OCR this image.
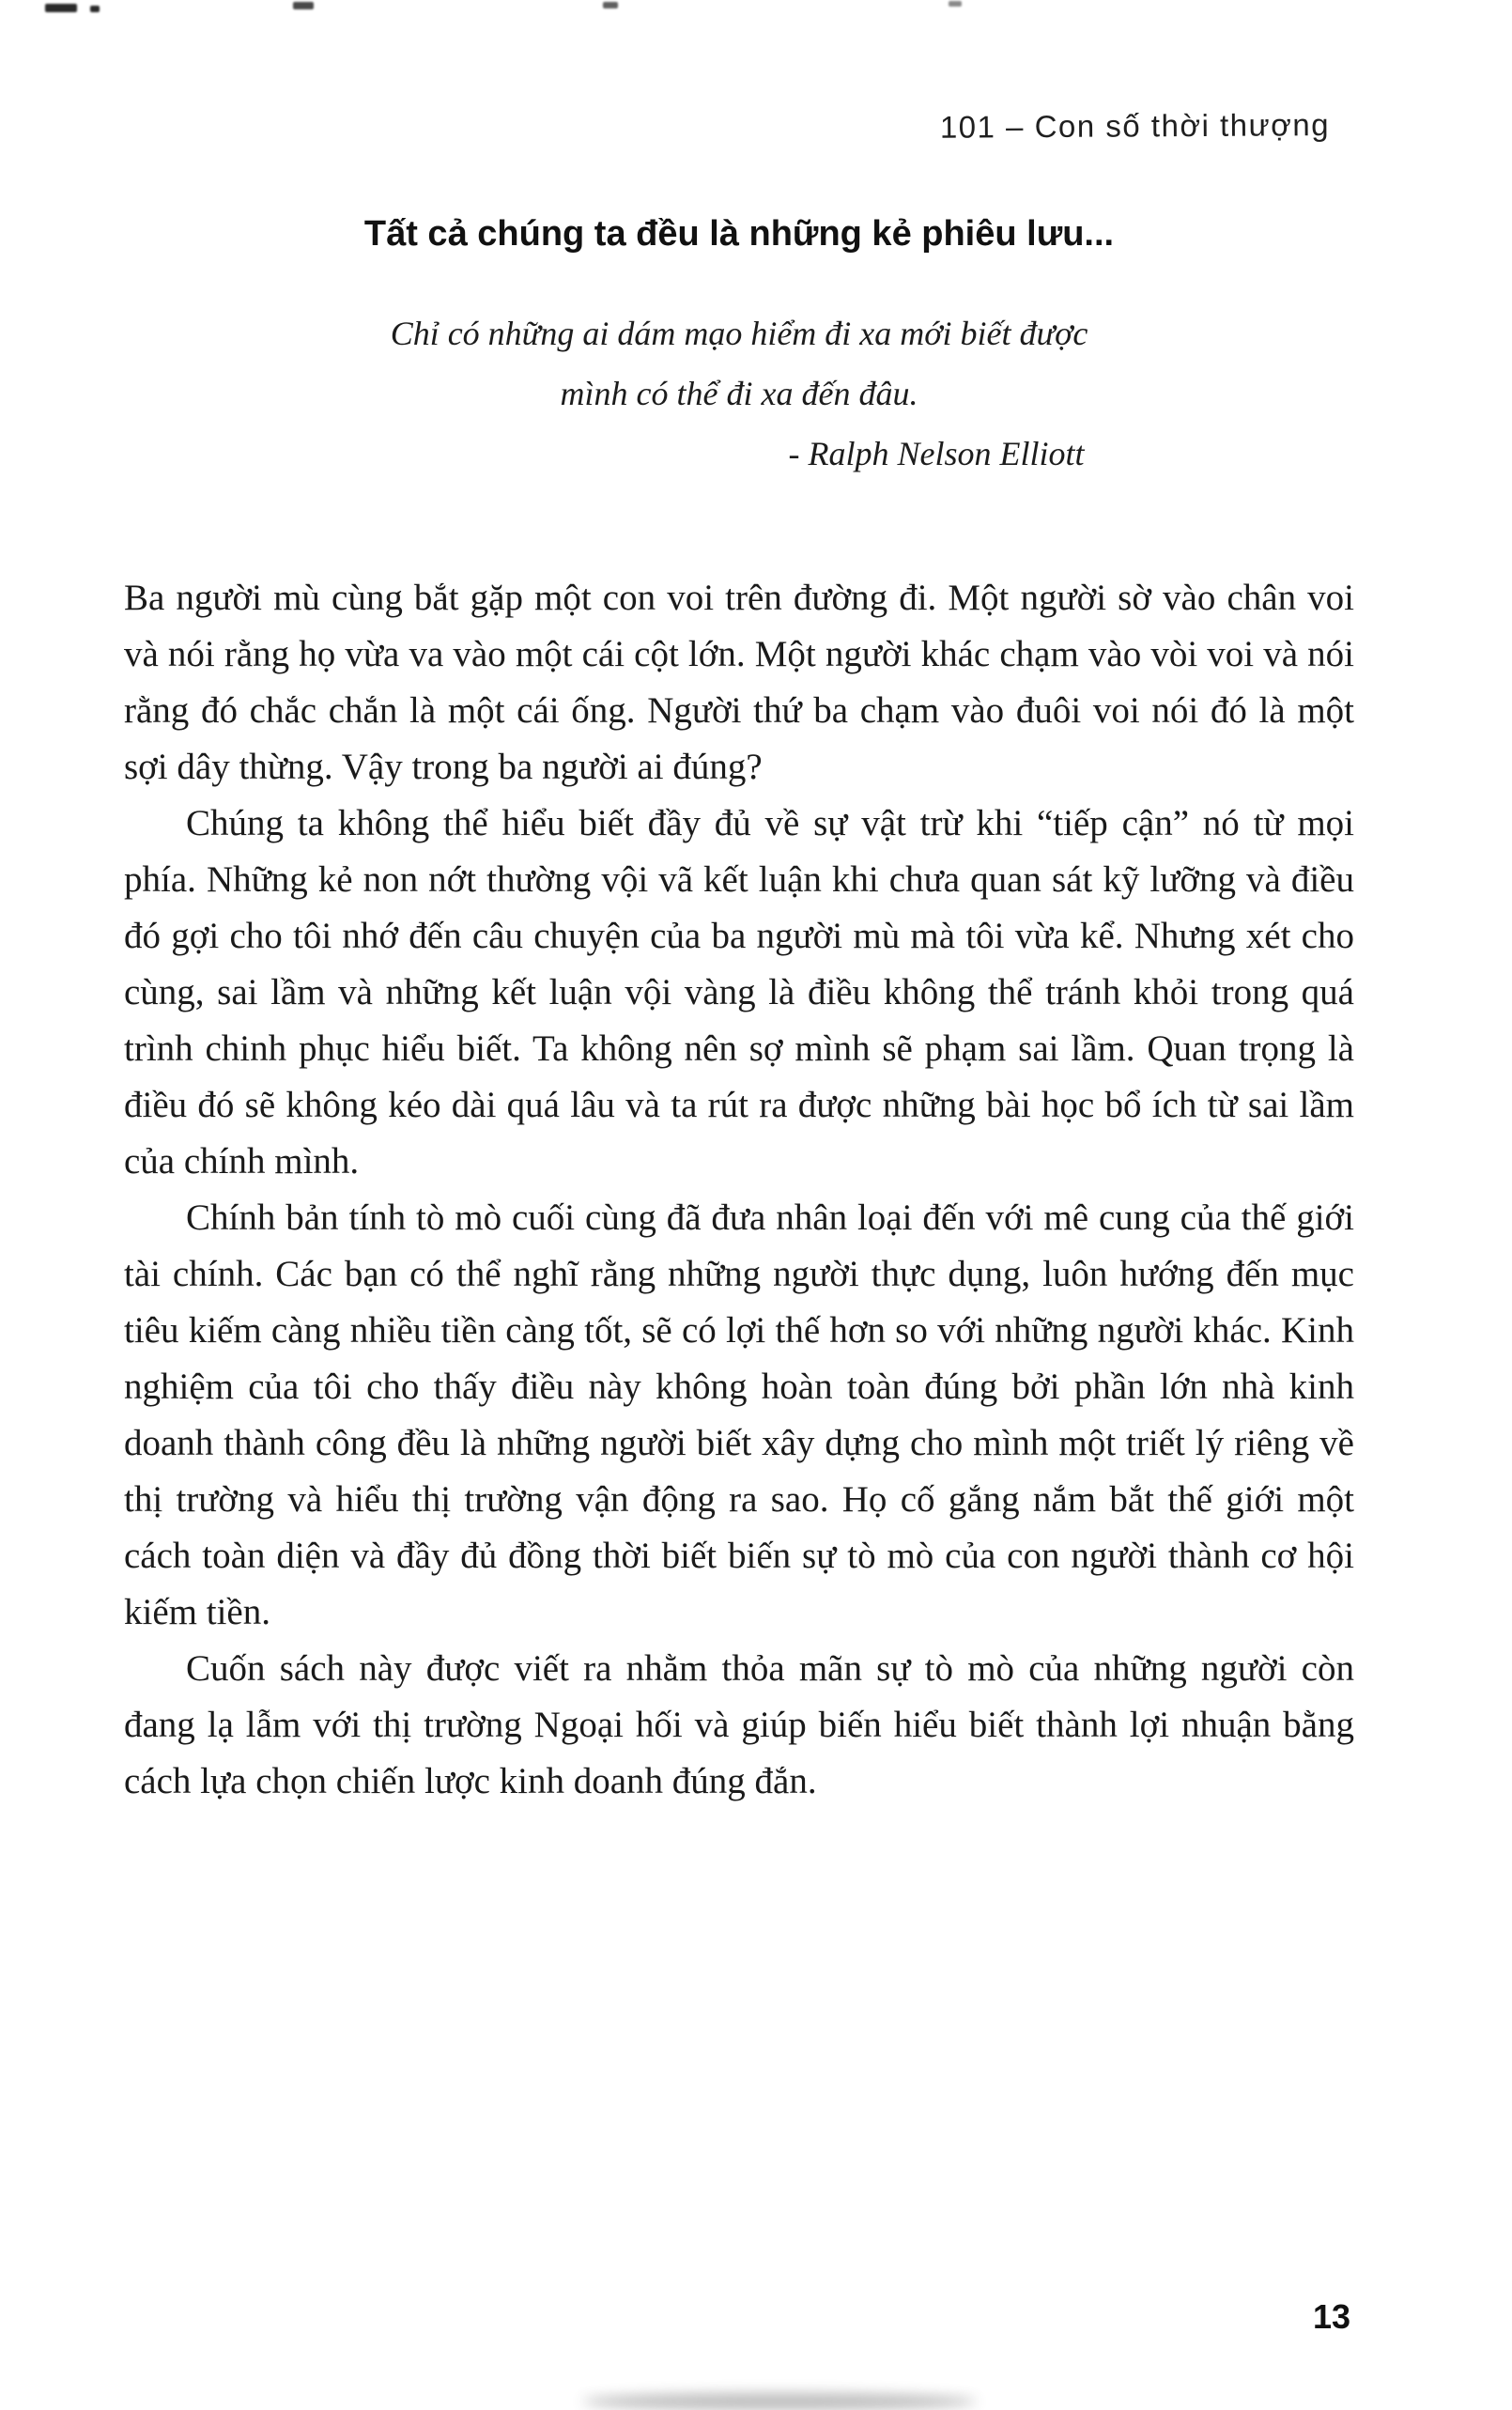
101 – Con số thời thượng
Tất cả chúng ta đều là những kẻ phiêu lưu...
Chỉ có những ai dám mạo hiểm đi xa mới biết được
mình có thể đi xa đến đâu.
- Ralph Nelson Elliott

Ba người mù cùng bắt gặp một con voi trên đường đi. Một người sờ vào chân voi và nói rằng họ vừa va vào một cái cột lớn. Một người khác chạm vào vòi voi và nói rằng đó chắc chắn là một cái ống. Người thứ ba chạm vào đuôi voi nói đó là một sợi dây thừng. Vậy trong ba người ai đúng?

Chúng ta không thể hiểu biết đầy đủ về sự vật trừ khi “tiếp cận” nó từ mọi phía. Những kẻ non nớt thường vội vã kết luận khi chưa quan sát kỹ lưỡng và điều đó gợi cho tôi nhớ đến câu chuyện của ba người mù mà tôi vừa kể. Nhưng xét cho cùng, sai lầm và những kết luận vội vàng là điều không thể tránh khỏi trong quá trình chinh phục hiểu biết. Ta không nên sợ mình sẽ phạm sai lầm. Quan trọng là điều đó sẽ không kéo dài quá lâu và ta rút ra được những bài học bổ ích từ sai lầm của chính mình.

Chính bản tính tò mò cuối cùng đã đưa nhân loại đến với mê cung của thế giới tài chính. Các bạn có thể nghĩ rằng những người thực dụng, luôn hướng đến mục tiêu kiếm càng nhiều tiền càng tốt, sẽ có lợi thế hơn so với những người khác. Kinh nghiệm của tôi cho thấy điều này không hoàn toàn đúng bởi phần lớn nhà kinh doanh thành công đều là những người biết xây dựng cho mình một triết lý riêng về thị trường và hiểu thị trường vận động ra sao. Họ cố gắng nắm bắt thế giới một cách toàn diện và đầy đủ đồng thời biết biến sự tò mò của con người thành cơ hội kiếm tiền.

Cuốn sách này được viết ra nhằm thỏa mãn sự tò mò của những người còn đang lạ lẫm với thị trường Ngoại hối và giúp biến hiểu biết thành lợi nhuận bằng cách lựa chọn chiến lược kinh doanh đúng đắn.

13
